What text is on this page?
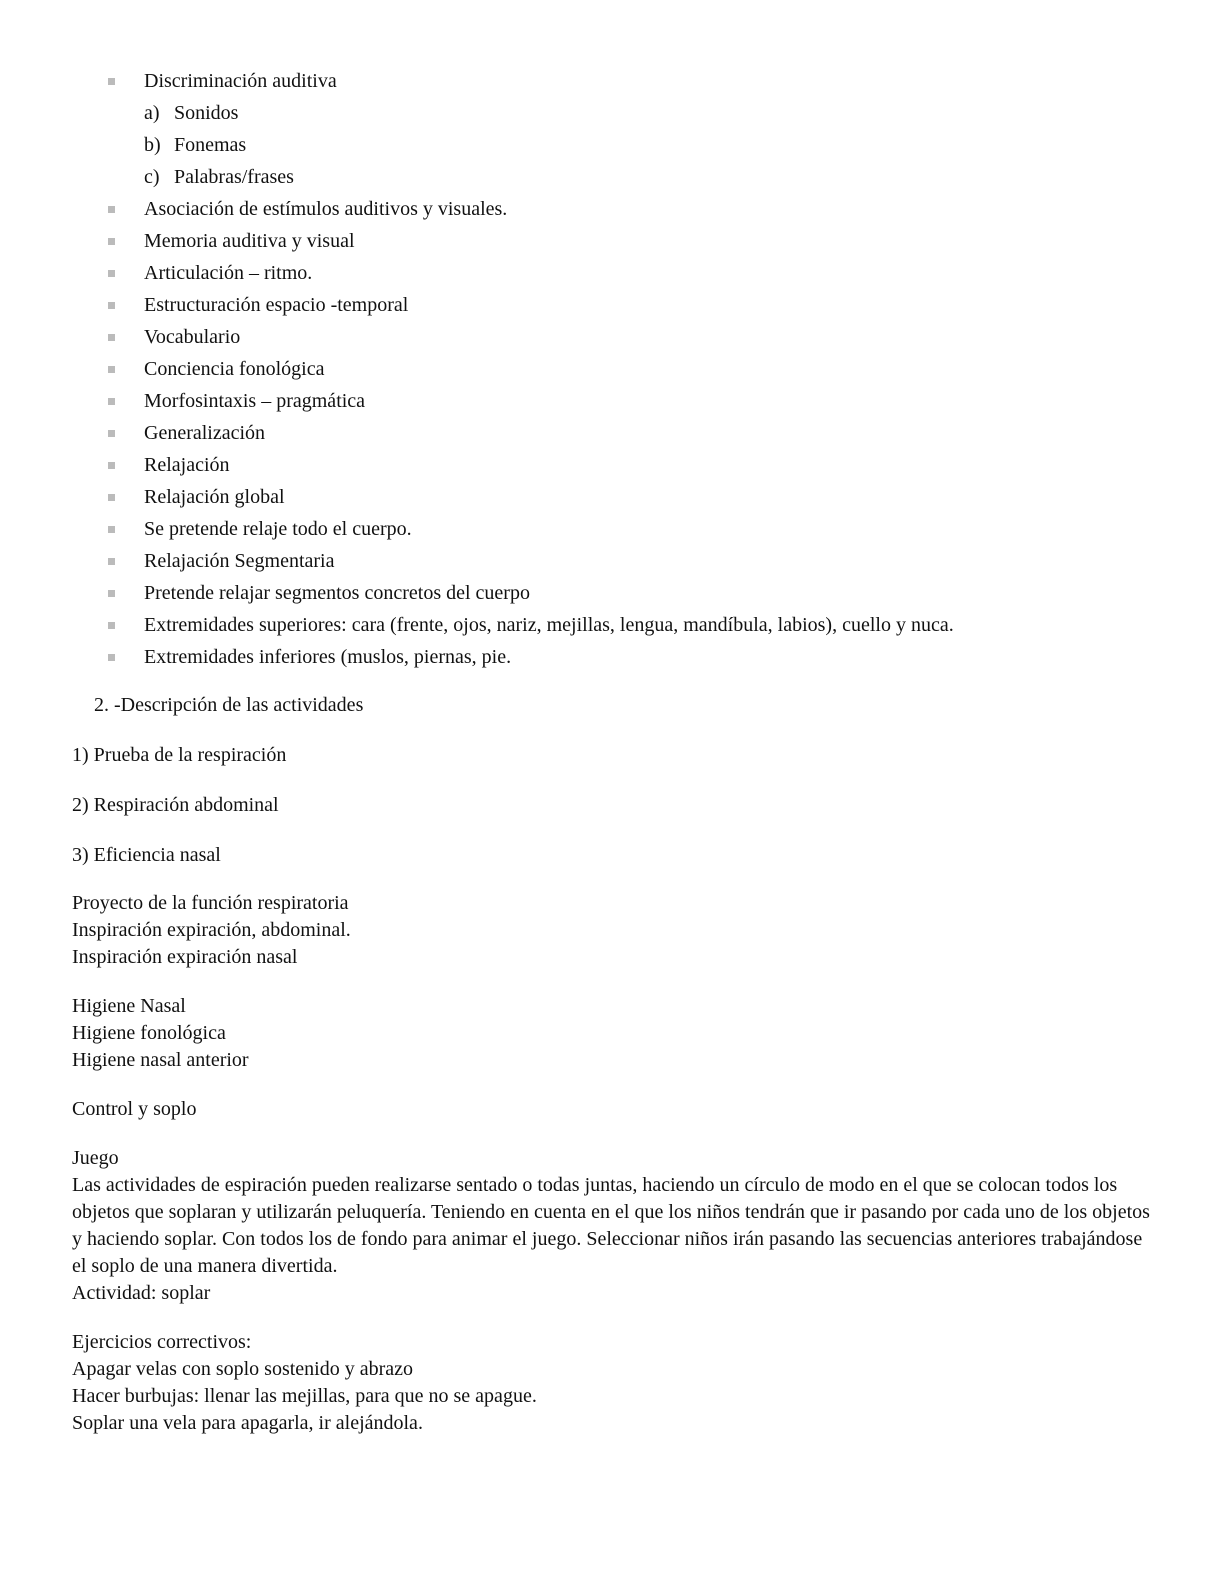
Discriminación auditiva
a) Sonidos
b) Fonemas
c) Palabras/frases
Asociación de estímulos auditivos y visuales.
Memoria auditiva y visual
Articulación – ritmo.
Estructuración espacio -temporal
Vocabulario
Conciencia fonológica
Morfosintaxis – pragmática
Generalización
Relajación
Relajación global
Se pretende relaje todo el cuerpo.
Relajación Segmentaria
Pretende relajar segmentos concretos del cuerpo
Extremidades superiores: cara (frente, ojos, nariz, mejillas, lengua, mandíbula, labios), cuello y nuca.
Extremidades inferiores (muslos, piernas, pie.
2. -Descripción de las actividades
1) Prueba de la respiración
2) Respiración abdominal
3) Eficiencia nasal
Proyecto de la función respiratoria
Inspiración expiración, abdominal.
Inspiración expiración nasal
Higiene Nasal
Higiene fonológica
Higiene nasal anterior
Control y soplo
Juego
Las actividades de espiración pueden realizarse sentado o todas juntas, haciendo un círculo de modo en el que se colocan todos los objetos que soplaran y utilizarán peluquería. Teniendo en cuenta en el que los niños tendrán que ir pasando por cada uno de los objetos y haciendo soplar. Con todos los de fondo para animar el juego. Seleccionar niños irán pasando las secuencias anteriores trabajándose el soplo de una manera divertida.
Actividad: soplar
Ejercicios correctivos:
Apagar velas con soplo sostenido y abrazo
Hacer burbujas: llenar las mejillas, para que no se apague.
Soplar una vela para apagarla, ir alejándola.
